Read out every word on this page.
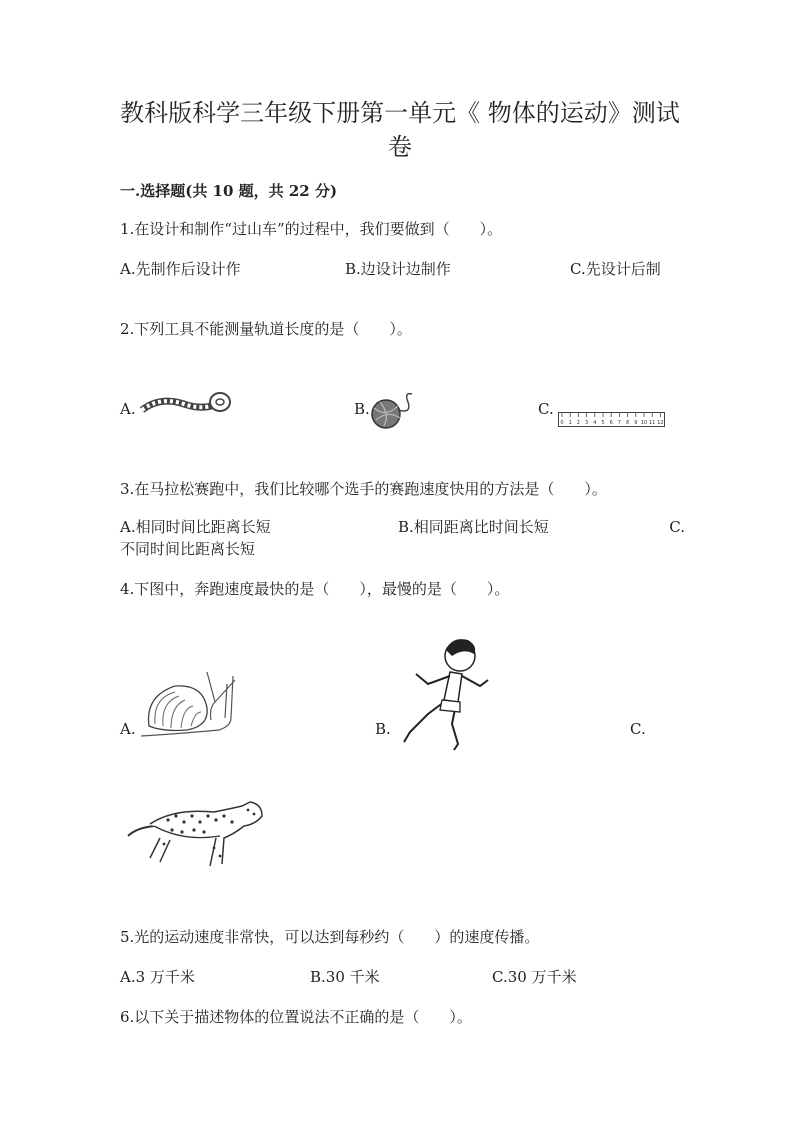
教科版科学三年级下册第一单元《 物体的运动》测试卷
一.选择题(共 10 题，共 22 分)
1.在设计和制作“过山车”的过程中，我们要做到（　　）。
A.先制作后设计作	B.边设计边制作	C.先设计后制
2.下列工具不能测量轨道长度的是（　　）。
A.	B.	C.
0 1 2 3 4 5 6 7 8 9 10 11 12
3.在马拉松赛跑中，我们比较哪个选手的赛跑速度快用的方法是（　　）。
A.相同时间比距离长短	B.相同距离比时间长短	C.
不同时间比距离长短
4.下图中，奔跑速度最快的是（　　），最慢的是（　　）。
A.	B.	C.
5.光的运动速度非常快，可以达到每秒约（　　）的速度传播。
A.3 万千米	B.30 千米	C.30 万千米
6.以下关于描述物体的位置说法不正确的是（　　）。
